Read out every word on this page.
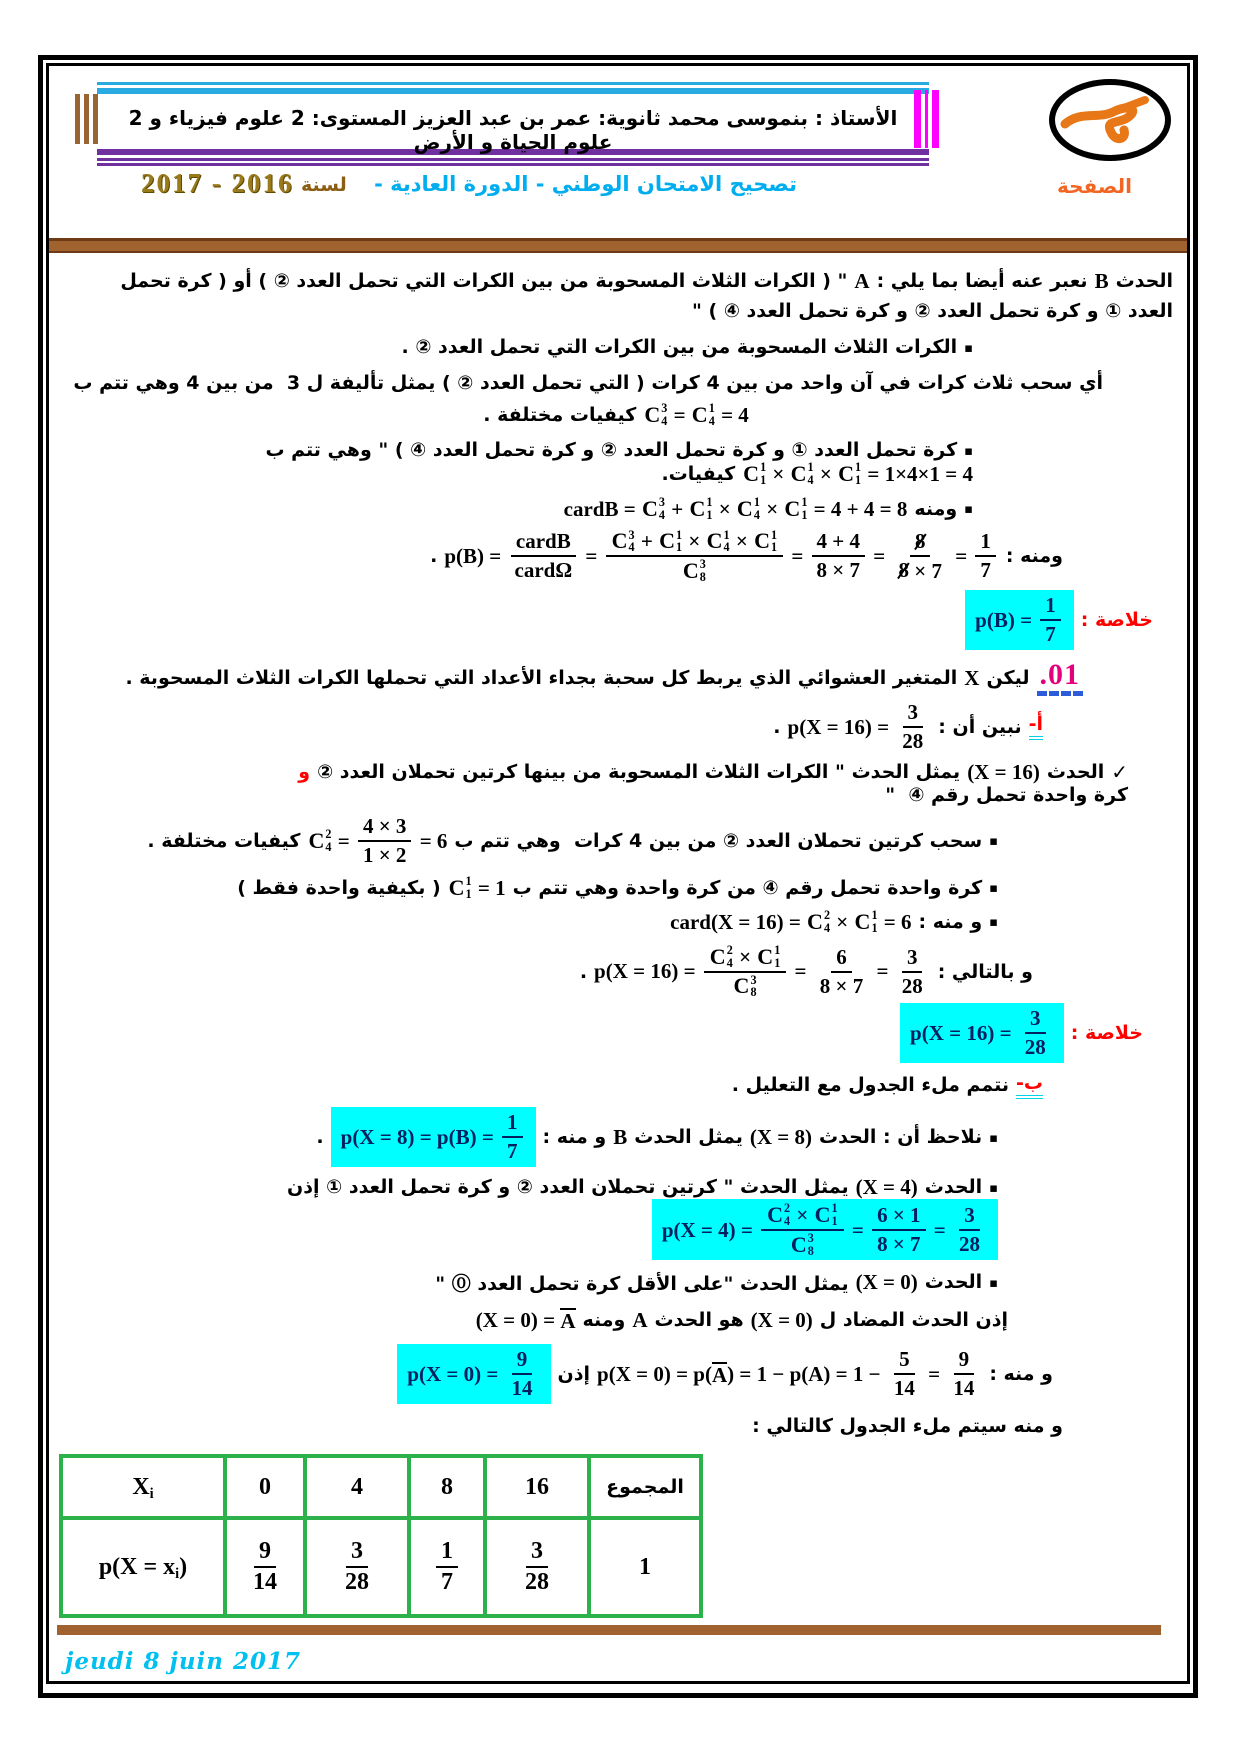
الأستاذ : بنموسى محمد ثانوية: عمر بن عبد العزيز المستوى: 2 علوم فيزياء و 2 علوم الحياة و الأرض
الصفحة
تصحيح الامتحان الوطني - الدورة العادية -
لسنة
2017 - 2016
الحدث
B
نعبر عنه أيضا بما يلي :
A
" ( الكرات الثلاث المسحوبة من بين الكرات التي تحمل العدد ② ) أو ( كرة تحمل
العدد ① و كرة تحمل العدد ② و كرة تحمل العدد ④ ) "
▪
الكرات الثلاث المسحوبة من بين الكرات التي تحمل العدد ② .
أي سحب ثلاث كرات في آن واحد من بين 4 كرات ( التي تحمل العدد ② ) يمثل تأليفة ل 3  من بين 4 وهي تتم ب
C 3
4 = C 1
4 = 4
كيفيات مختلفة .
▪
كرة تحمل العدد ① و كرة تحمل العدد ② و كرة تحمل العدد ④ ) " وهي تتم ب
C 1
1 × C 1
4 × C 1
1 = 1×4×1 = 4
كيفيات.
▪
ومنه
cardB = C 3
4 + C 1
1 × C 1
4 × C 1
1 = 4 + 4 = 8
ومنه :
p(B) =
cardB
cardΩ
= C 3
4 + C 1
1 × C 1
4 × C 1
1
C 3
$8 = \frac{4 + 4}{8 \times 7} = \frac{8}{8 \times 7} = \frac{1}{7}$
.
خلاصة :
$p(B) = \frac{1}{7}$
.01
ليكن
X
المتغير العشوائي الذي يربط كل سحبة بجداء الأعداد التي تحملها الكرات الثلاث المسحوبة .
أ-
نبين أن :
$p(X = 16) = \frac{3}{28}$
.
✓
الحدث
(X = 16)
يمثل الحدث " الكرات الثلاث المسحوبة من بينها كرتين تحملان العدد ②
و
كرة واحدة تحمل رقم ④  "
▪
سحب كرتين تحملان العدد ② من بين 4 كرات  وهي تتم ب
C 2
$4 = \frac{4 \times 3}{1 \times 2} = 6$
كيفيات مختلفة .
▪
كرة واحدة تحمل رقم ④ من كرة واحدة وهي تتم ب
C 1
1 = 1
( بكيفية واحدة فقط )
▪
و منه :
card(X = 16) = C 2
4 × C 1
1 = 6
و بالتالي :
p(X = 16) = C 2
4 × C 1
1
C 3
$8 = \frac{6}{8 \times 7} = \frac{3}{28}$
.
خلاصة :
$p(X = 16) = \frac{3}{28}$
ب-
نتمم ملء الجدول مع التعليل .
▪
نلاحظ أن : الحدث
(X = 8)
يمثل الحدث
B
و منه :
$p(X = 8) = p(B) = \frac{1}{7}$
.
▪
الحدث
(X = 4)
يمثل الحدث " كرتين تحملان العدد ② و كرة تحمل العدد ① إذن
p(X = 4) = C 2
4 × C 1
1
C 3
$8 = \frac{6 \times 1}{8 \times 7} = \frac{3}{28}$
▪
الحدث
(X = 0)
يمثل الحدث "على الأقل كرة تحمل العدد ⓪ "
إذن الحدث المضاد ل
(X = 0)
هو الحدث
A
ومنه
(X = 0) = A
و منه :
p(X = 0) = p( A ) = $1 - p(A) = 1 - \frac{5}{14} = \frac{9}{14}$
إذن
$p(X = 0) = \frac{9}{14}$
و منه سيتم ملء الجدول كالتالي :
X i	0	4	8	16	المجموع

p(X = x i )	$\frac{9}{14}$	$\frac{3}{28}$	$\frac{1}{7}$	$\frac{3}{28}$	1
jeudi 8 juin 2017
